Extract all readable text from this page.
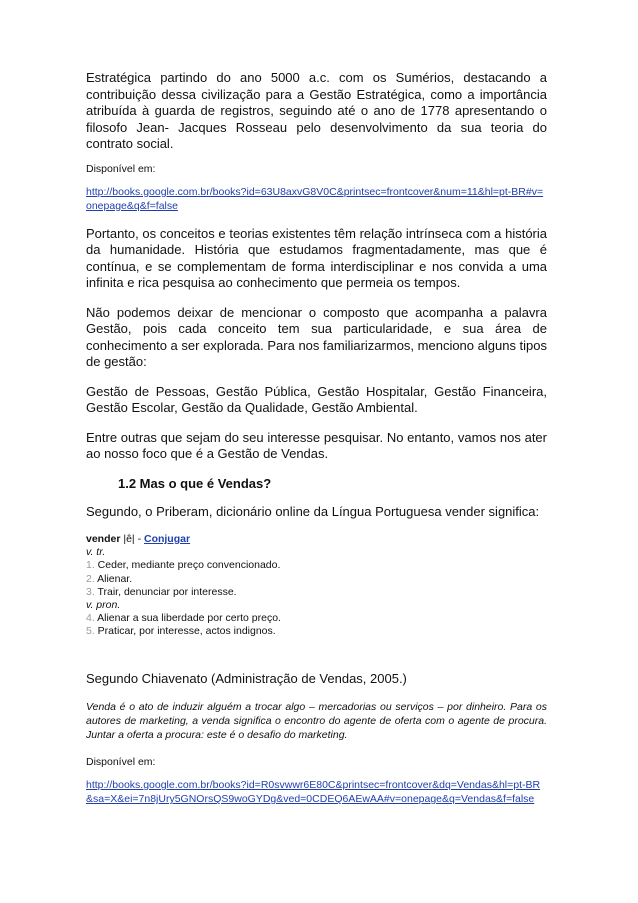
Estratégica partindo do ano 5000 a.c. com os Sumérios, destacando a contribuição dessa civilização para a Gestão Estratégica, como a importância atribuída à guarda de registros, seguindo até o ano de 1778 apresentando o filosofo Jean- Jacques Rosseau pelo desenvolvimento da sua teoria do contrato social.

Disponível em:

http://books.google.com.br/books?id=63U8axvG8V0C&printsec=frontcover&num=11&hl=pt-BR#v=onepage&q&f=false

Portanto, os conceitos e teorias existentes têm relação intrínseca com a história da humanidade. História que estudamos fragmentadamente, mas que é contínua, e se complementam de forma interdisciplinar e nos convida a uma infinita e rica pesquisa ao conhecimento que permeia os tempos.

Não podemos deixar de mencionar o composto que acompanha a palavra Gestão, pois cada conceito tem sua particularidade, e sua área de conhecimento a ser explorada. Para nos familiarizarmos, menciono alguns tipos de gestão:

Gestão de Pessoas, Gestão Pública, Gestão Hospitalar, Gestão Financeira, Gestão Escolar, Gestão da Qualidade, Gestão Ambiental.

Entre outras que sejam do seu interesse pesquisar. No entanto, vamos nos ater ao nosso foco que é a Gestão de Vendas.

1.2 Mas o que é Vendas?

Segundo, o Priberam, dicionário online da Língua Portuguesa vender significa:

vender |ê| - Conjugar

v. tr.

1. Ceder, mediante preço convencionado.

2. Alienar.

3. Trair, denunciar por interesse.

v. pron.

4. Alienar a sua liberdade por certo preço.

5. Praticar, por interesse, actos indignos.

Segundo Chiavenato (Administração de Vendas, 2005.)

Venda é o ato de induzir alguém a trocar algo – mercadorias ou serviços – por dinheiro. Para os autores de marketing, a venda significa o encontro do agente de oferta com o agente de procura. Juntar a oferta a procura: este é o desafio do marketing.

Disponível em:

http://books.google.com.br/books?id=R0svwwr6E80C&printsec=frontcover&dq=Vendas&hl=pt-BR&sa=X&ei=7n8jUry5GNOrsQS9woGYDg&ved=0CDEQ6AEwAA#v=onepage&q=Vendas&f=false
